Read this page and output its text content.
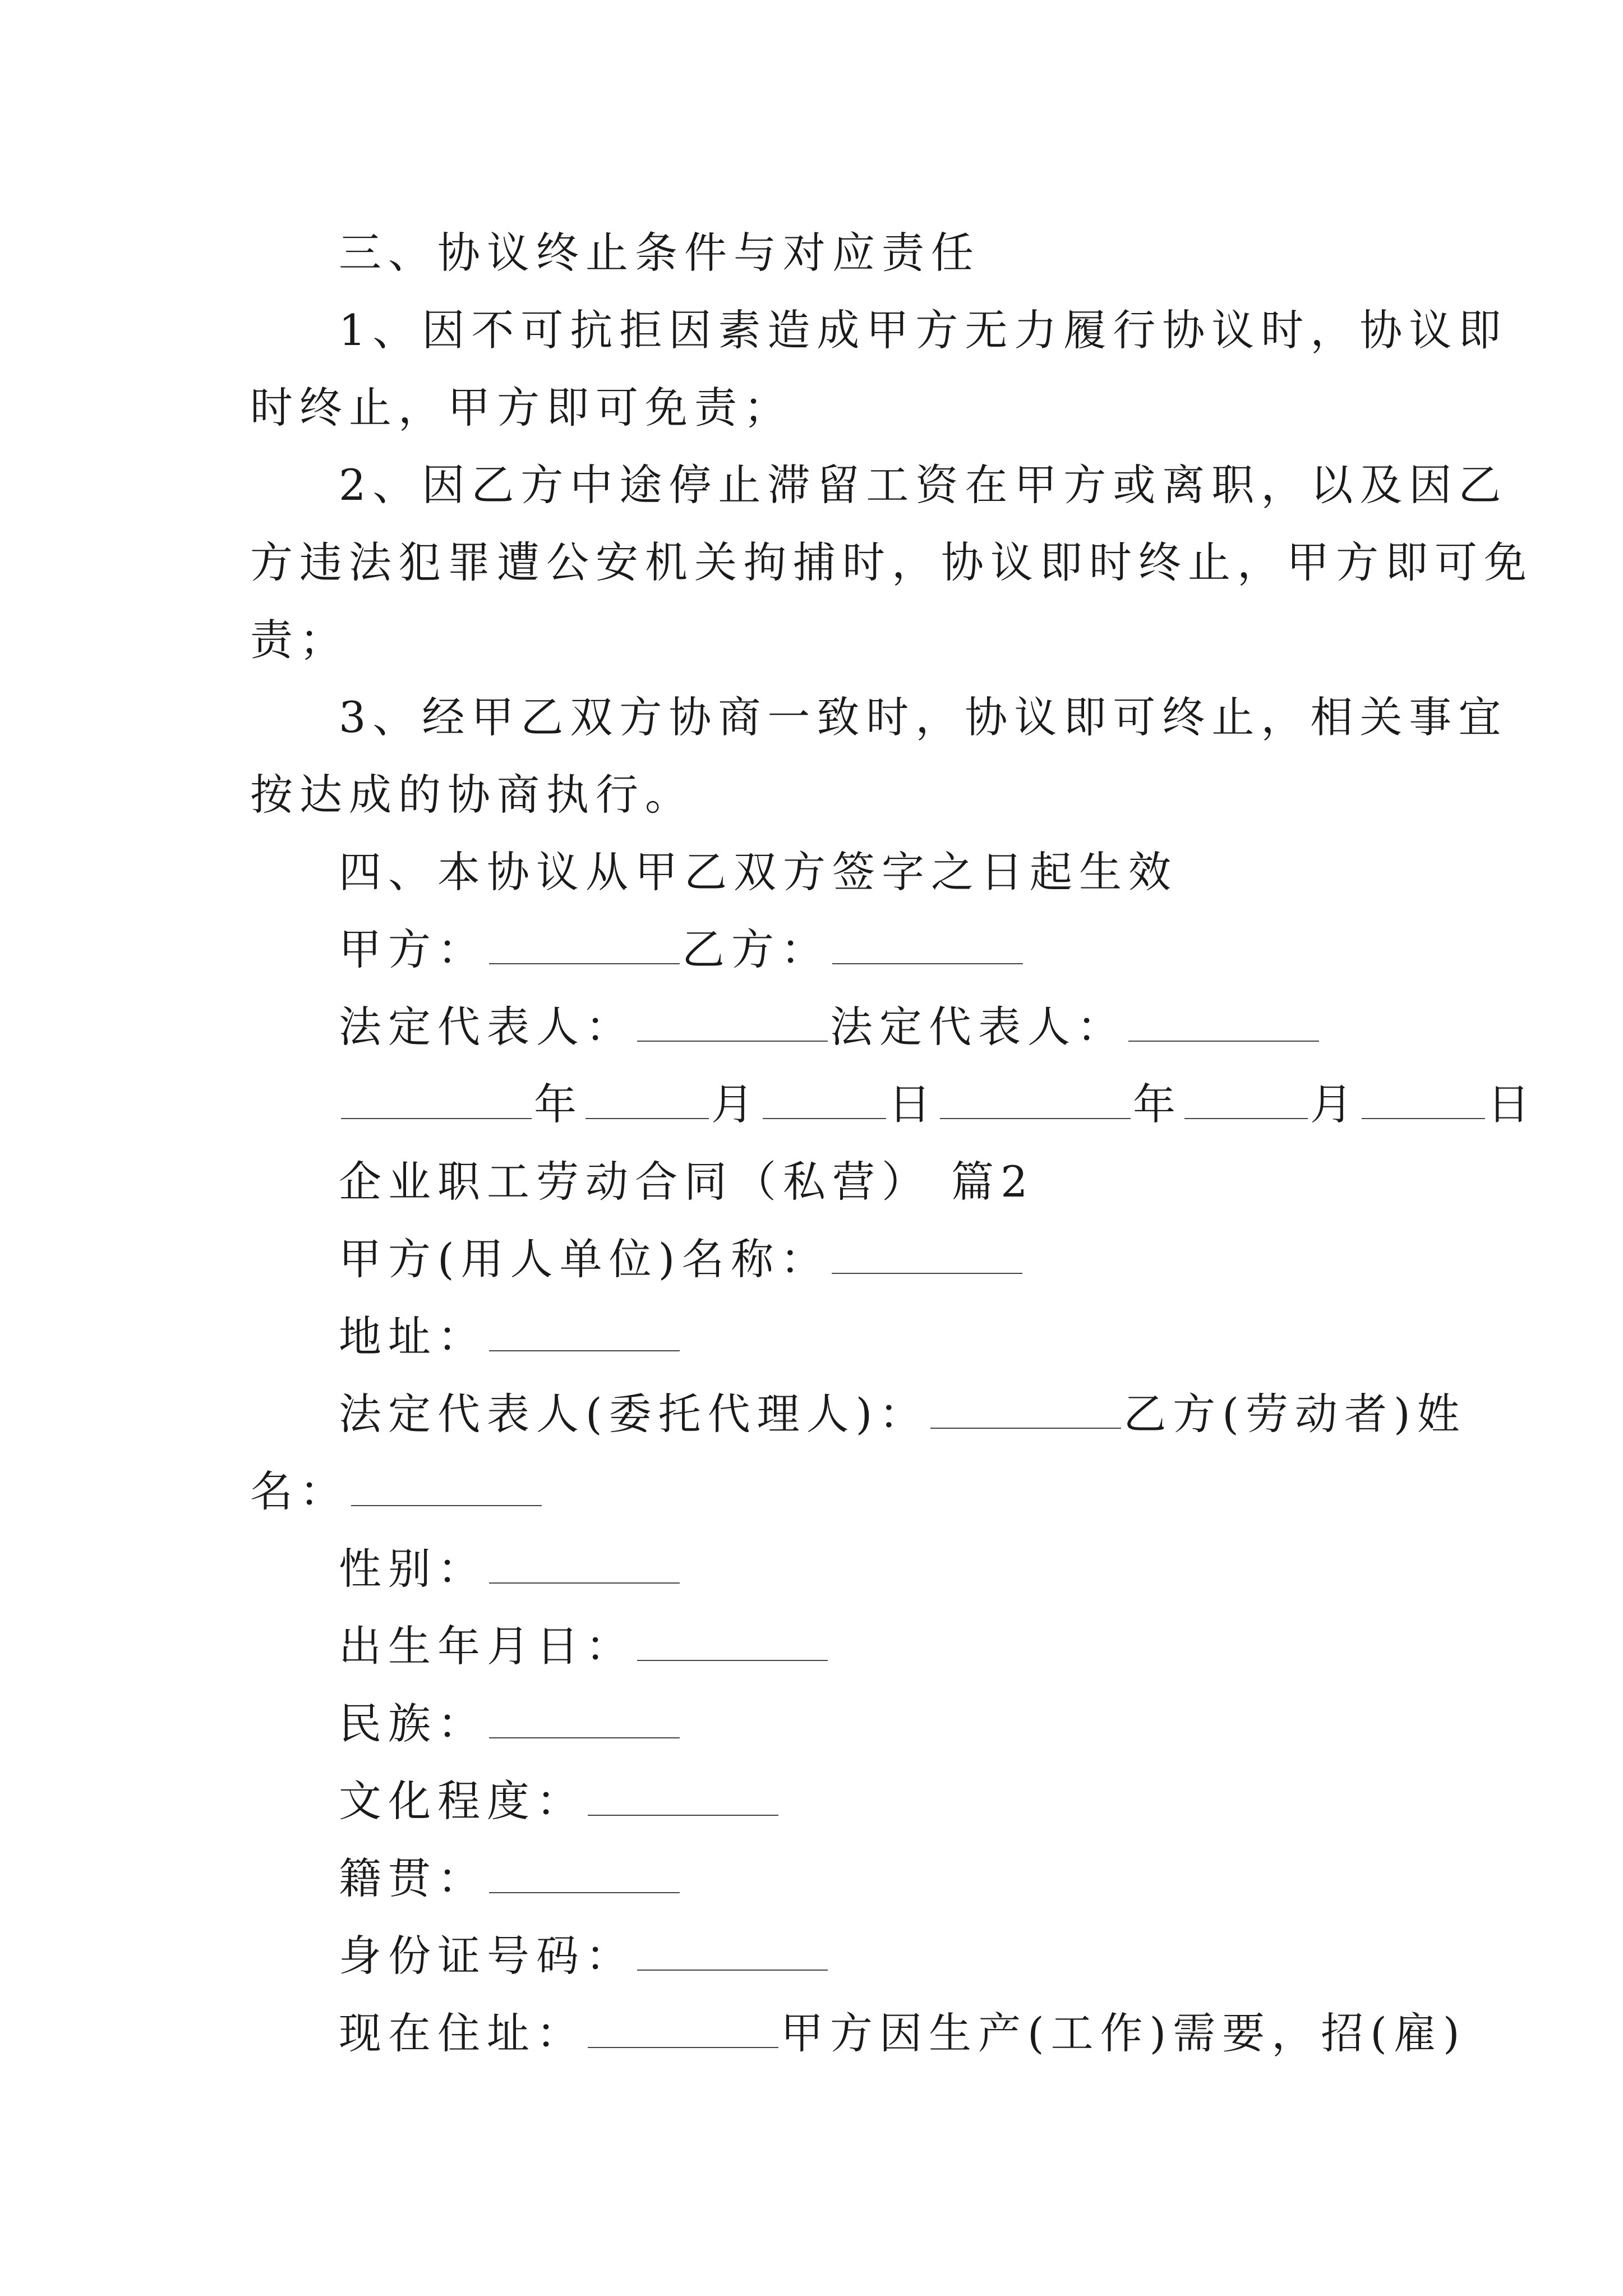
三、协议终止条件与对应责任
1、因不可抗拒因素造成甲方无力履行协议时，协议即
时终止，甲方即可免责；
2、因乙方中途停止滞留工资在甲方或离职，以及因乙
方违法犯罪遭公安机关拘捕时，协议即时终止，甲方即可免
责；
3、经甲乙双方协商一致时，协议即可终止，相关事宜
按达成的协商执行。
四、本协议从甲乙双方签字之日起生效
甲方：	乙方：
法定代表人：	法定代表人：
年	月	日	年	月	日
企业职工劳动合同（私营） 篇2
甲方(用人单位)名称：
地址：
法定代表人(委托代理人)：	乙方(劳动者)姓
名：
性别：
出生年月日：
民族：
文化程度：
籍贯：
身份证号码：
现在住址：	甲方因生产(工作)需要，招(雇)
